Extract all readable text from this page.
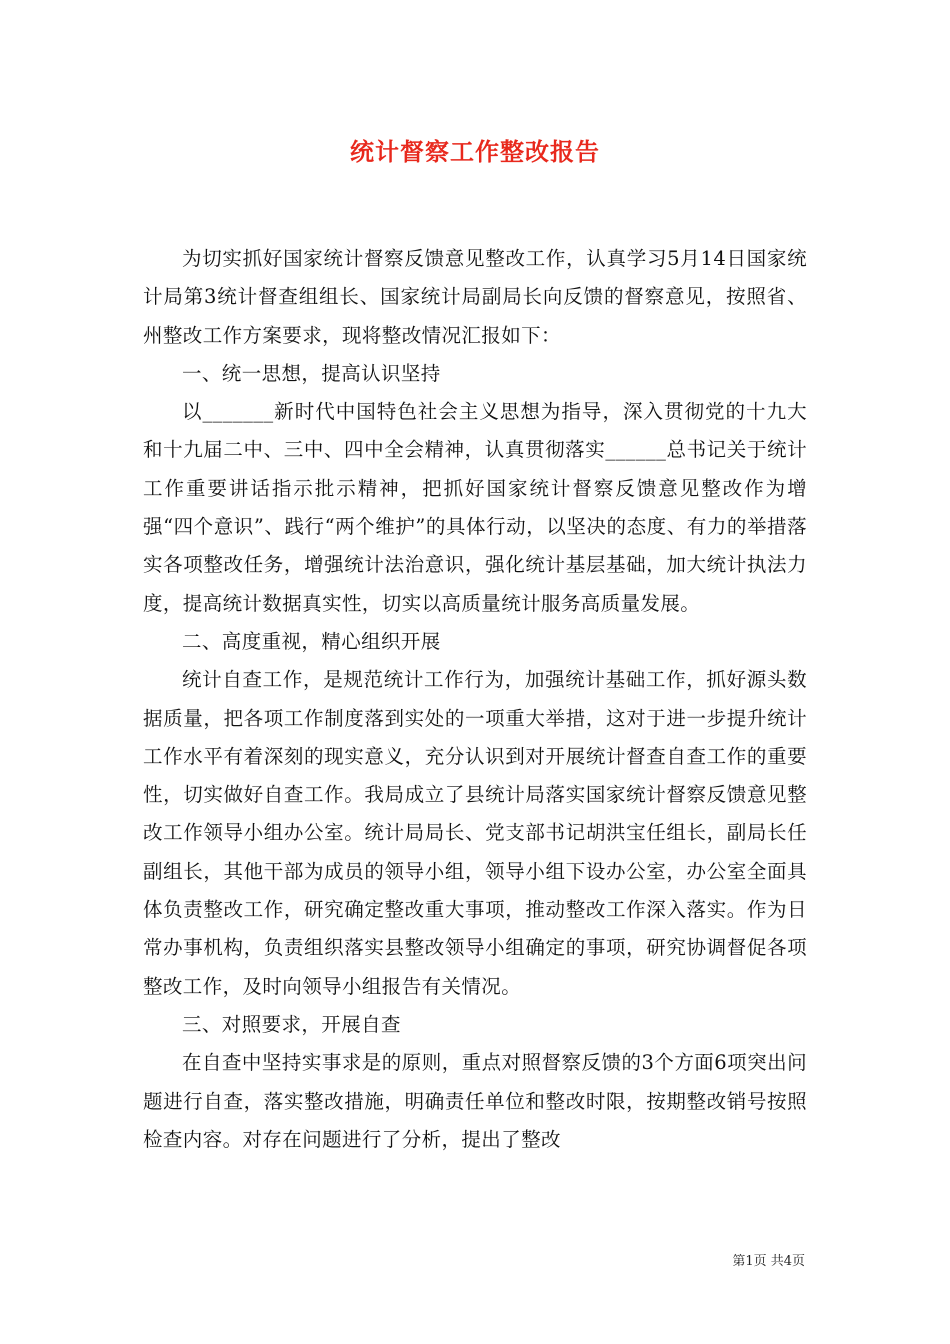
统计督察工作整改报告

为切实抓好国家统计督察反馈意见整改工作，认真学习5月14日国家统计局第3统计督查组组长、国家统计局副局长向反馈的督察意见，按照省、州整改工作方案要求，现将整改情况汇报如下：

一、统一思想，提高认识坚持

以_______新时代中国特色社会主义思想为指导，深入贯彻党的十九大和十九届二中、三中、四中全会精神，认真贯彻落实______总书记关于统计工作重要讲话指示批示精神，把抓好国家统计督察反馈意见整改作为增强“四个意识”、践行“两个维护”的具体行动，以坚决的态度、有力的举措落实各项整改任务，增强统计法治意识，强化统计基层基础，加大统计执法力度，提高统计数据真实性，切实以高质量统计服务高质量发展。

二、高度重视，精心组织开展

统计自查工作，是规范统计工作行为，加强统计基础工作，抓好源头数据质量，把各项工作制度落到实处的一项重大举措，这对于进一步提升统计工作水平有着深刻的现实意义，充分认识到对开展统计督查自查工作的重要性，切实做好自查工作。我局成立了县统计局落实国家统计督察反馈意见整改工作领导小组办公室。统计局局长、党支部书记胡洪宝任组长，副局长任副组长，其他干部为成员的领导小组，领导小组下设办公室，办公室全面具体负责整改工作，研究确定整改重大事项，推动整改工作深入落实。作为日常办事机构，负责组织落实县整改领导小组确定的事项，研究协调督促各项整改工作，及时向领导小组报告有关情况。

三、对照要求，开展自查

在自查中坚持实事求是的原则，重点对照督察反馈的3个方面6项突出问题进行自查，落实整改措施，明确责任单位和整改时限，按期整改销号按照检查内容。对存在问题进行了分析，提出了整改

第1页 共4页
